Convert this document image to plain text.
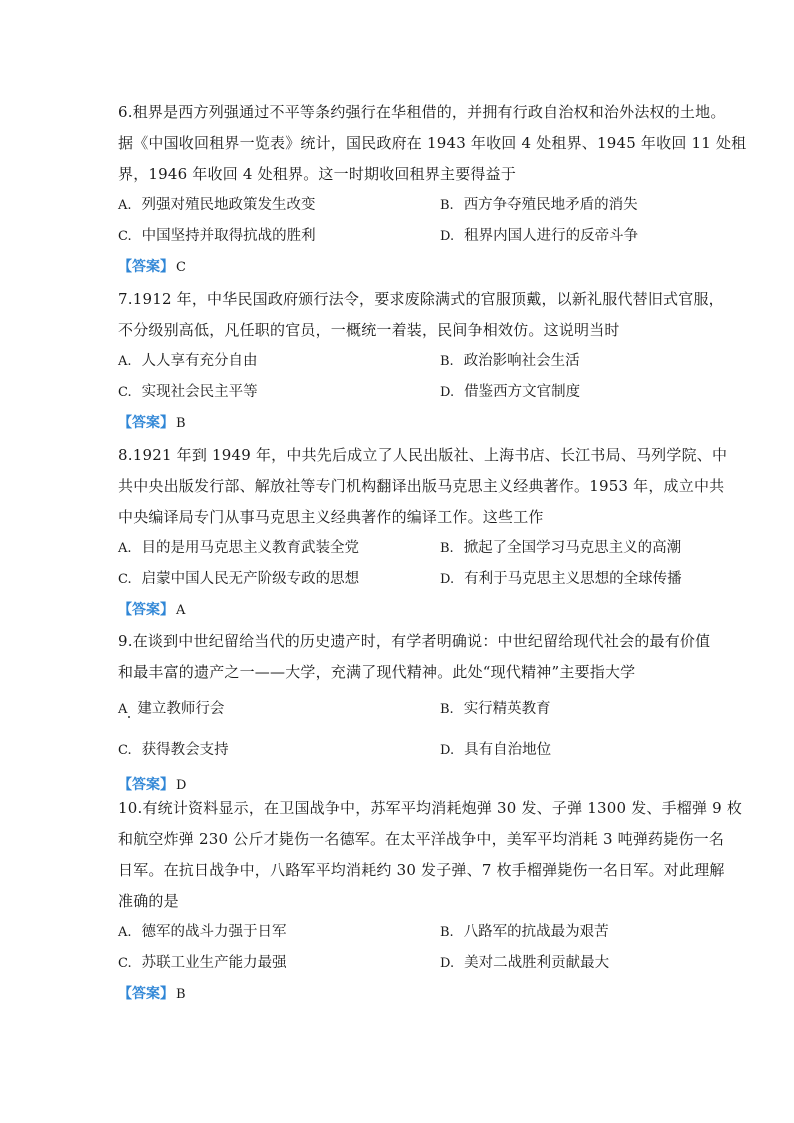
6.租界是西方列强通过不平等条约强行在华租借的，并拥有行政自治权和治外法权的土地。
据《中国收回租界一览表》统计，国民政府在 1943 年收回 4 处租界、1945 年收回 11 处租
界，1946 年收回 4 处租界。这一时期收回租界主要得益于
A. 列强对殖民地政策发生改变	B. 西方争夺殖民地矛盾的消失
C. 中国坚持并取得抗战的胜利	D. 租界内国人进行的反帝斗争
【答案】 C
7.1912 年，中华民国政府颁行法令，要求废除满式的官服顶戴，以新礼服代替旧式官服，
不分级别高低，凡任职的官员，一概统一着装，民间争相效仿。这说明当时
A. 人人享有充分自由	B. 政治影响社会生活
C. 实现社会民主平等	D. 借鉴西方文官制度
【答案】 B
8.1921 年到 1949 年，中共先后成立了人民出版社、上海书店、长江书局、马列学院、中
共中央出版发行部、解放社等专门机构翻译出版马克思主义经典著作。1953 年，成立中共
中央编译局专门从事马克思主义经典著作的编译工作。这些工作
A. 目的是用马克思主义教育武装全党	B. 掀起了全国学习马克思主义的高潮
C. 启蒙中国人民无产阶级专政的思想	D. 有利于马克思主义思想的全球传播
【答案】 A
9.在谈到中世纪留给当代的历史遗产时，有学者明确说：中世纪留给现代社会的最有价值
和最丰富的遗产之一——大学，充满了现代精神。此处“现代精神”主要指大学
A 建立教师行会	B. 实行精英教育
C. 获得教会支持	D. 具有自治地位
【答案】 D
10.有统计资料显示，在卫国战争中，苏军平均消耗炮弹 30 发、子弹 1300 发、手榴弹 9 枚
和航空炸弹 230 公斤才毙伤一名德军。在太平洋战争中，美军平均消耗 3 吨弹药毙伤一名
日军。在抗日战争中，八路军平均消耗约 30 发子弹、7 枚手榴弹毙伤一名日军。对此理解
准确的是
A. 德军的战斗力强于日军	B. 八路军的抗战最为艰苦
C. 苏联工业生产能力最强	D. 美对二战胜利贡献最大
【答案】 B
